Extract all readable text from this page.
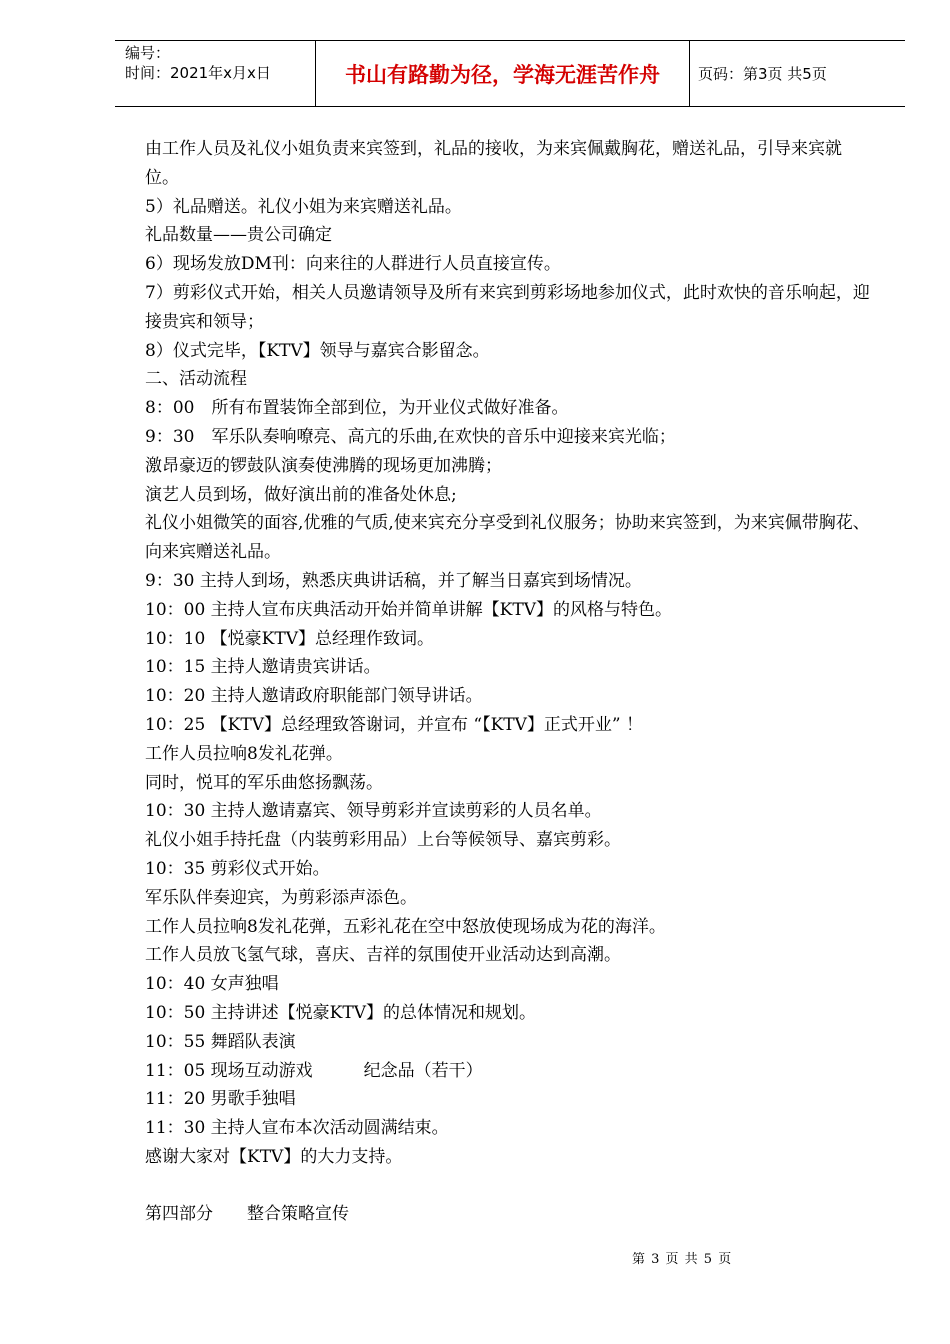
编号：
时间：2021年x月x日	书山有路勤为径，学海无涯苦作舟	页码：第3页 共5页

由工作人员及礼仪小姐负责来宾签到，礼品的接收，为来宾佩戴胸花，赠送礼品，引导来宾就位。

5）礼品赠送。礼仪小姐为来宾赠送礼品。

礼品数量——贵公司确定

6）现场发放DM刊：向来往的人群进行人员直接宣传。

7）剪彩仪式开始，相关人员邀请领导及所有来宾到剪彩场地参加仪式，此时欢快的音乐响起，迎接贵宾和领导；

8）仪式完毕，【KTV】领导与嘉宾合影留念。

二、活动流程

8：00　所有布置装饰全部到位，为开业仪式做好准备。

9：30　军乐队奏响嘹亮、高亢的乐曲,在欢快的音乐中迎接来宾光临；

激昂豪迈的锣鼓队演奏使沸腾的现场更加沸腾；

演艺人员到场，做好演出前的准备处休息;

礼仪小姐微笑的面容,优雅的气质,使来宾充分享受到礼仪服务；协助来宾签到，为来宾佩带胸花、向来宾赠送礼品。

9：30 主持人到场，熟悉庆典讲话稿，并了解当日嘉宾到场情况。

10：00 主持人宣布庆典活动开始并简单讲解【KTV】的风格与特色。

10：10 【悦豪KTV】总经理作致词。

10：15 主持人邀请贵宾讲话。

10：20 主持人邀请政府职能部门领导讲话。

10：25 【KTV】总经理致答谢词，并宣布 “【KTV】正式开业” ！

工作人员拉响8发礼花弹。

同时，悦耳的军乐曲悠扬飘荡。

10：30 主持人邀请嘉宾、领导剪彩并宣读剪彩的人员名单。

礼仪小姐手持托盘（内装剪彩用品）上台等候领导、嘉宾剪彩。

10：35 剪彩仪式开始。

军乐队伴奏迎宾，为剪彩添声添色。

工作人员拉响8发礼花弹，五彩礼花在空中怒放使现场成为花的海洋。

工作人员放飞氢气球，喜庆、吉祥的氛围使开业活动达到高潮。

10：40 女声独唱

10：50 主持讲述【悦豪KTV】的总体情况和规划。

10：55 舞蹈队表演

11：05 现场互动游戏　　　纪念品（若干）

11：20 男歌手独唱

11：30 主持人宣布本次活动圆满结束。

感谢大家对【KTV】的大力支持。

第四部分　　整合策略宣传

第 3 页 共 5 页
